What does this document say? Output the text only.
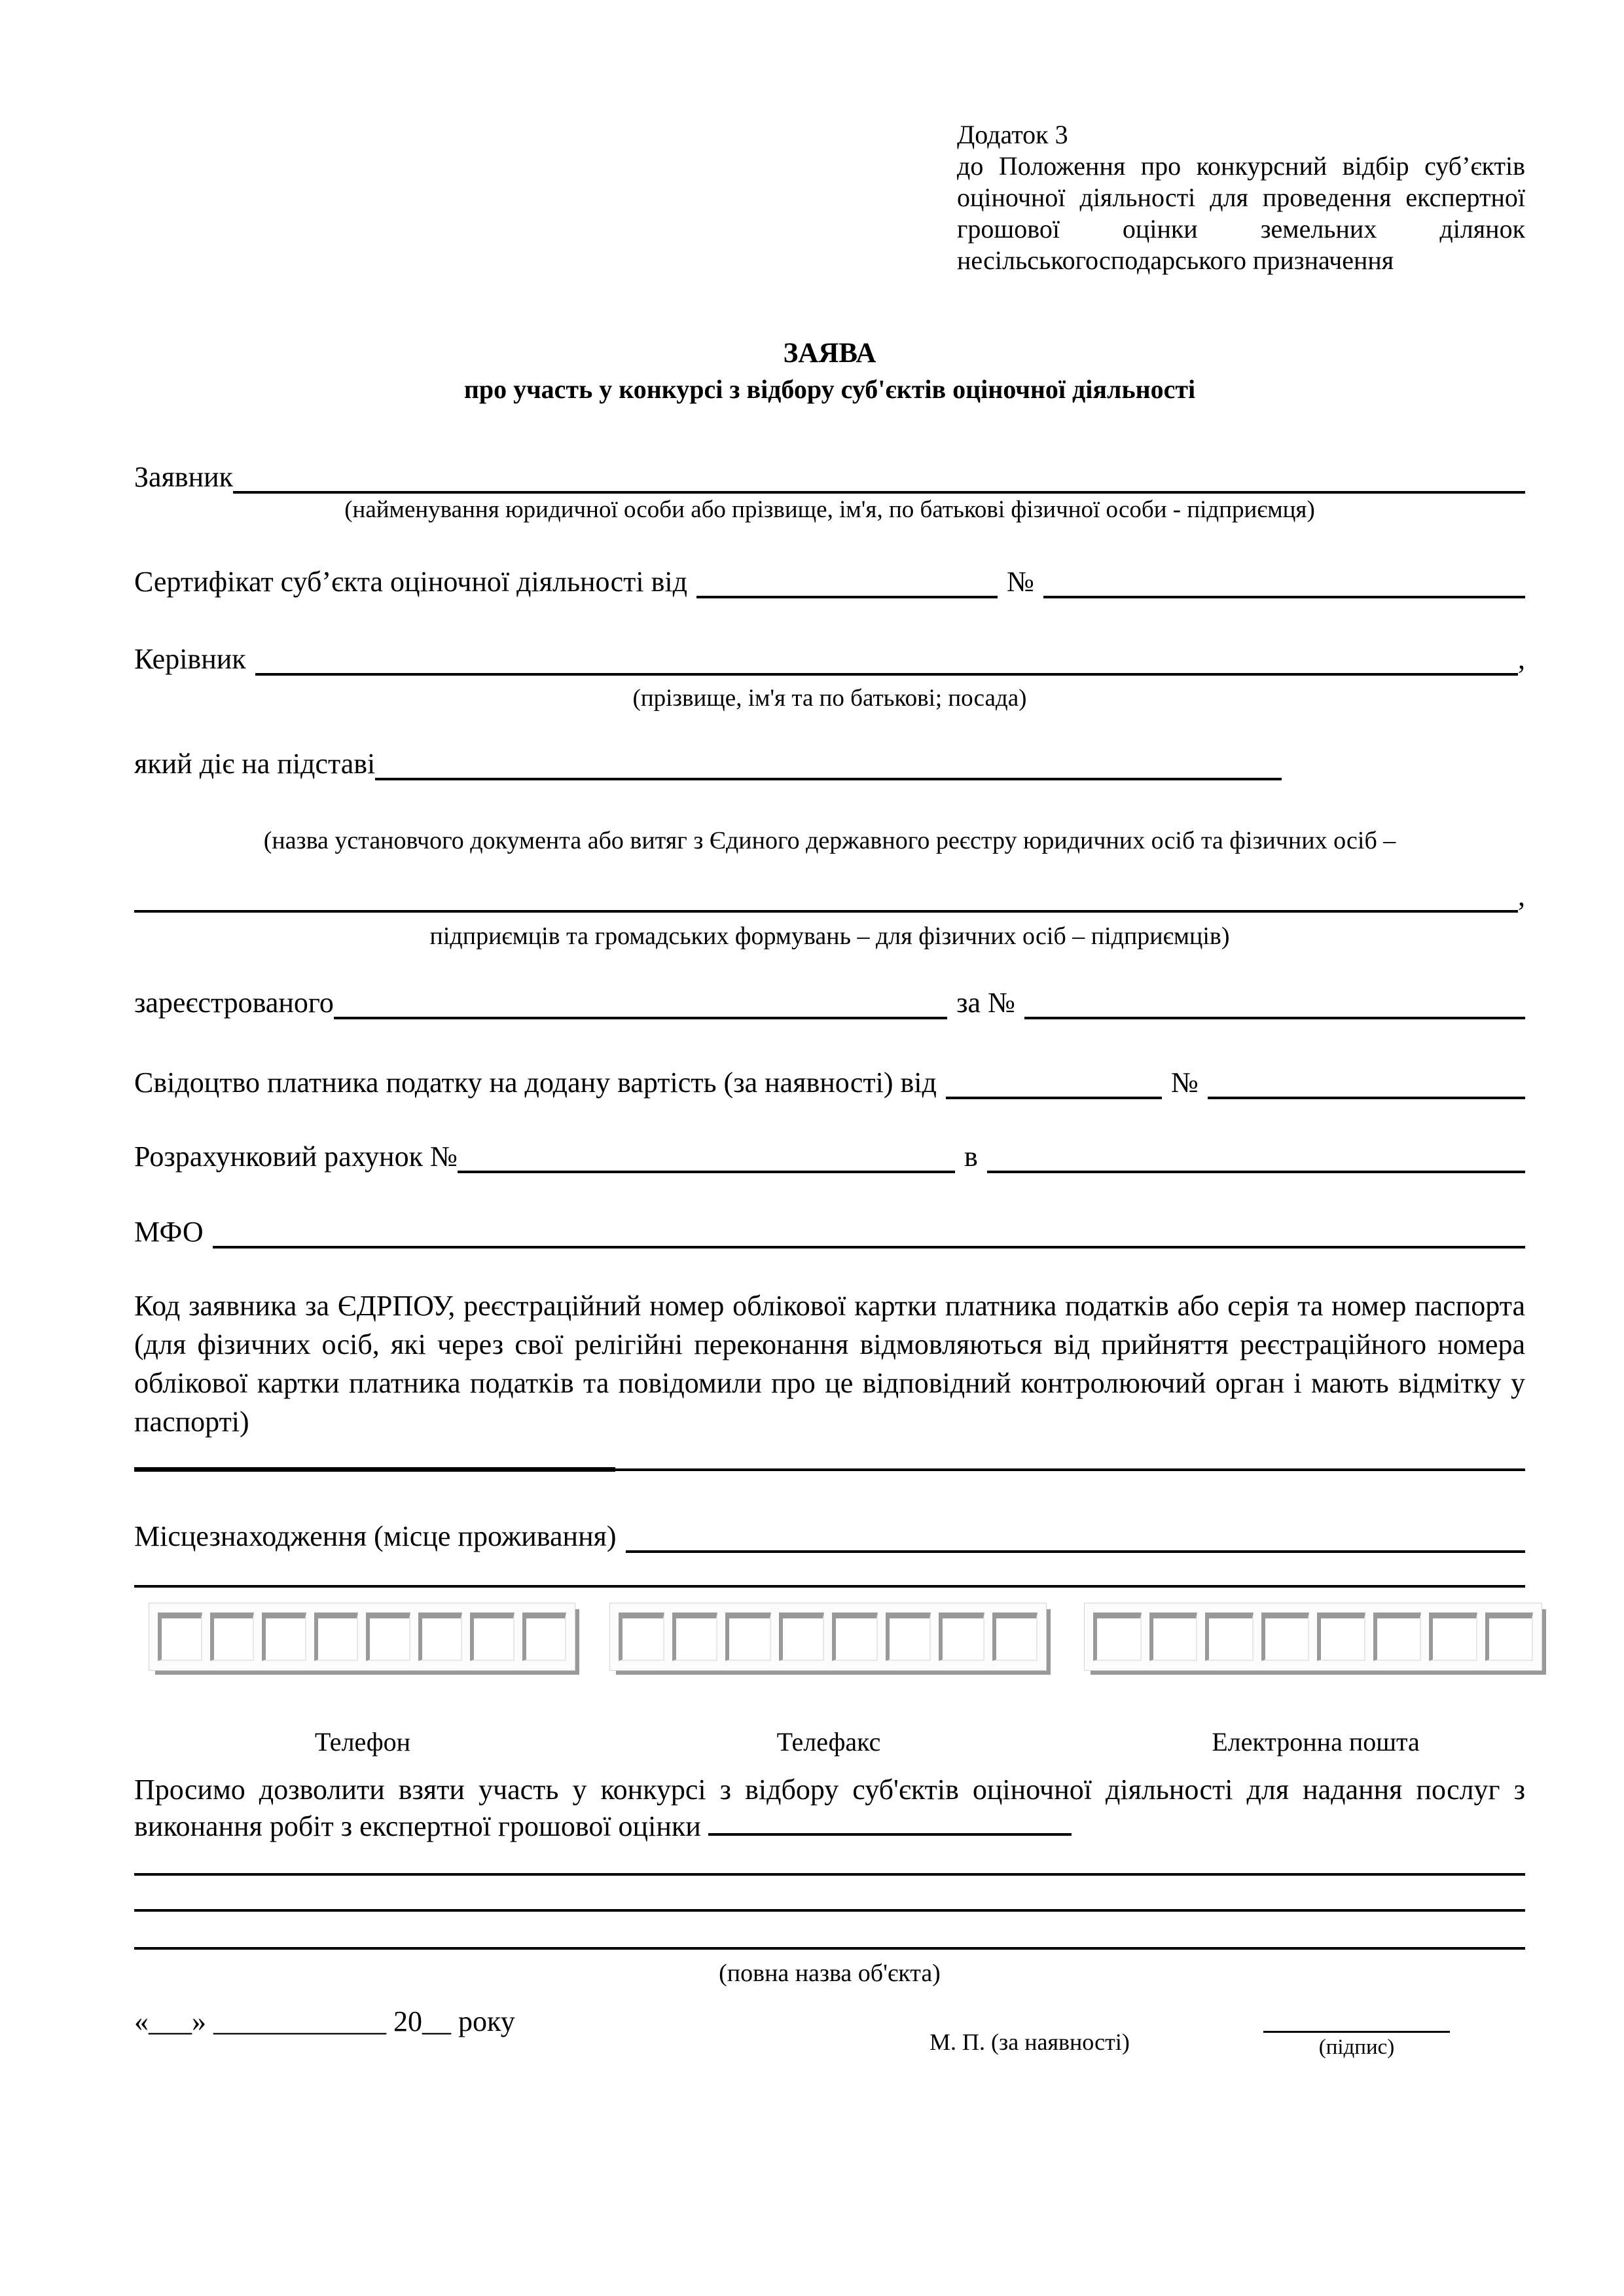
Додаток 3

до Положення про конкурсний відбір суб’єктів оціночної діяльності для проведення експертної грошової оцінки земельних ділянок несільськогосподарського призначення

ЗАЯВА
про участь у конкурсі з відбору суб'єктів оціночної діяльності
Заявник
(найменування юридичної особи або прізвище, ім'я, по батькові фізичної особи - підприємця)
Сертифікат суб’єкта оціночної діяльності від	№
Керівник	,
(прізвище, ім'я та по батькові; посада)
який діє на підставі
(назва установчого документа або витяг з Єдиного державного реєстру юридичних осіб та фізичних осіб –
,
підприємців та громадських формувань – для фізичних осіб – підприємців)
зареєстрованого	за №
Свідоцтво платника податку на додану вартість (за наявності) від	№
Розрахунковий рахунок №	в
МФО
Код заявника за ЄДРПОУ, реєстраційний номер облікової картки платника податків або серія та номер паспорта (для фізичних осіб, які через свої релігійні переконання відмовляються від прийняття реєстраційного номера облікової картки платника податків та повідомили про це відповідний контролюючий орган і мають відмітку у паспорті)
Місцезнаходження (місце проживання)
Телефон	Телефакс	Електронна пошта
Просимо дозволити взяти участь у конкурсі з відбору суб'єктів оціночної діяльності для надання послуг з виконання робіт з експертної грошової оцінки
(повна назва об'єкта)
«___» ____________ 20__ року
М. П. (за наявності)	(підпис)
